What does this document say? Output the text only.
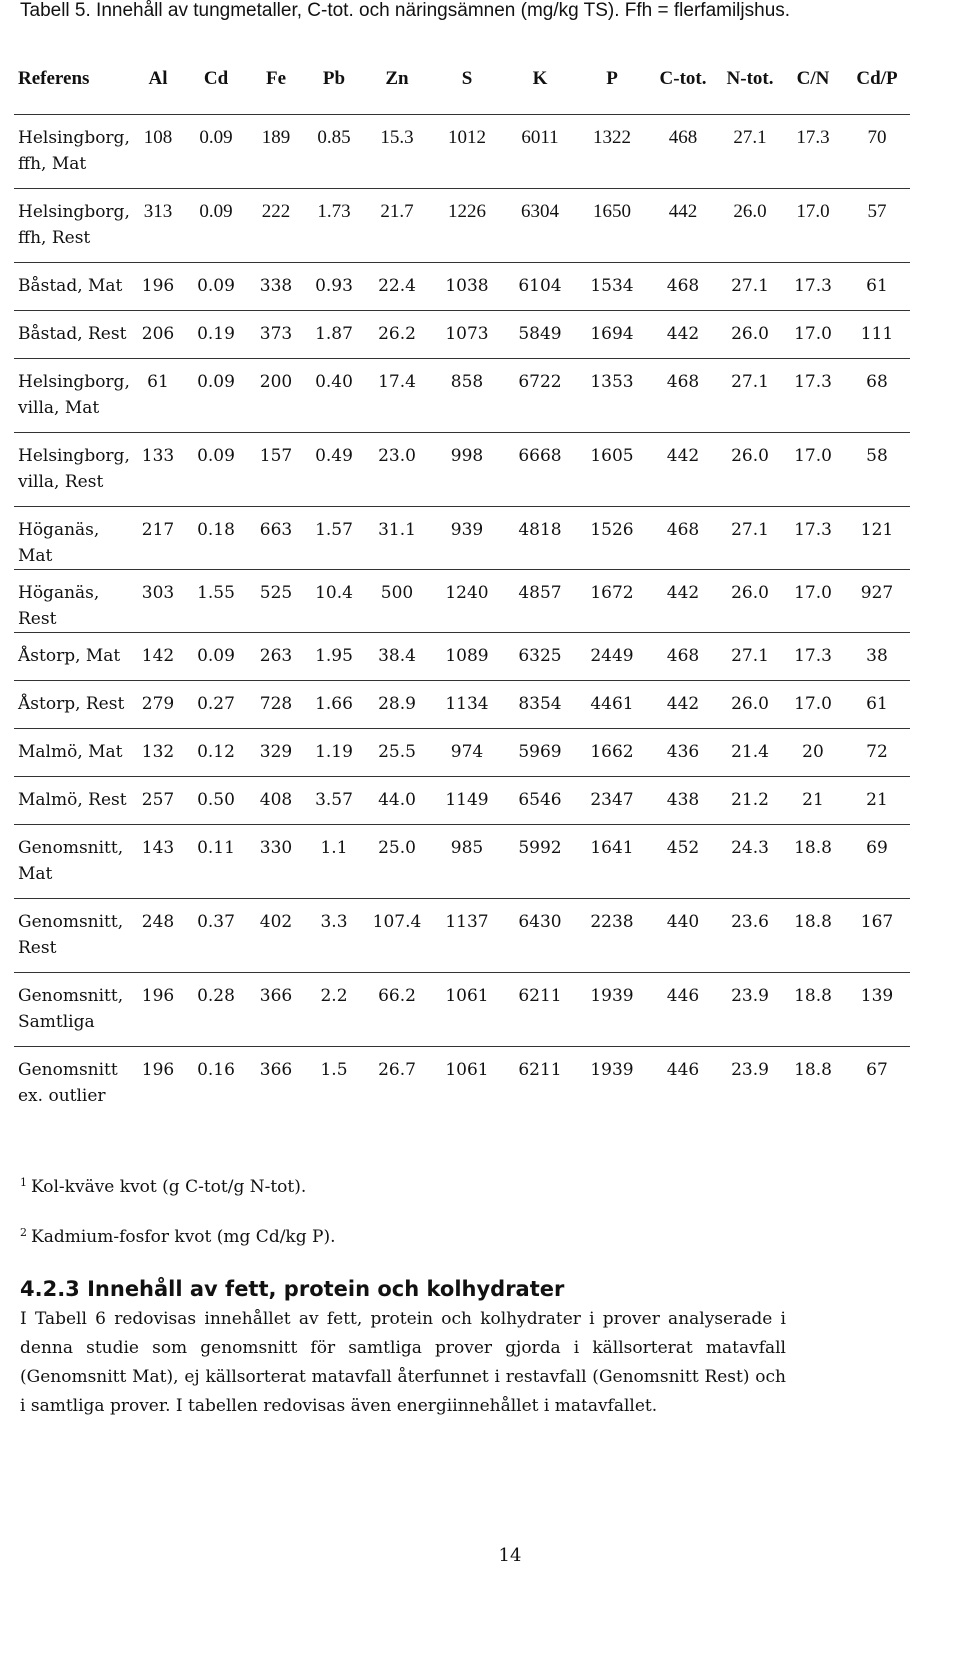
Tabell 5. Innehåll av tungmetaller, C-tot. och näringsämnen (mg/kg TS). Ffh = flerfamiljshus.
Referens	Al	Cd	Fe	Pb	Zn	S	K	P	C-tot.	N-tot.	C/N	Cd/P
Helsingborg, ffh, Mat	108	0.09	189	0.85	15.3	1012	6011	1322	468	27.1	17.3	70
Helsingborg, ffh, Rest	313	0.09	222	1.73	21.7	1226	6304	1650	442	26.0	17.0	57
Båstad, Mat	196	0.09	338	0.93	22.4	1038	6104	1534	468	27.1	17.3	61
Båstad, Rest	206	0.19	373	1.87	26.2	1073	5849	1694	442	26.0	17.0	111
Helsingborg, villa, Mat	61	0.09	200	0.40	17.4	858	6722	1353	468	27.1	17.3	68
Helsingborg, villa, Rest	133	0.09	157	0.49	23.0	998	6668	1605	442	26.0	17.0	58
Höganäs, Mat	217	0.18	663	1.57	31.1	939	4818	1526	468	27.1	17.3	121
Höganäs, Rest	303	1.55	525	10.4	500	1240	4857	1672	442	26.0	17.0	927
Åstorp, Mat	142	0.09	263	1.95	38.4	1089	6325	2449	468	27.1	17.3	38
Åstorp, Rest	279	0.27	728	1.66	28.9	1134	8354	4461	442	26.0	17.0	61
Malmö, Mat	132	0.12	329	1.19	25.5	974	5969	1662	436	21.4	20	72
Malmö, Rest	257	0.50	408	3.57	44.0	1149	6546	2347	438	21.2	21	21
Genomsnitt, Mat	143	0.11	330	1.1	25.0	985	5992	1641	452	24.3	18.8	69
Genomsnitt, Rest	248	0.37	402	3.3	107.4	1137	6430	2238	440	23.6	18.8	167
Genomsnitt, Samtliga	196	0.28	366	2.2	66.2	1061	6211	1939	446	23.9	18.8	139
Genomsnitt ex. outlier	196	0.16	366	1.5	26.7	1061	6211	1939	446	23.9	18.8	67

$^1$ Kol-kväve kvot (g C-tot/g N-tot).

$^2$ Kadmium-fosfor kvot (mg Cd/kg P).

4.2.3 Innehåll av fett, protein och kolhydrater

I Tabell 6 redovisas innehållet av fett, protein och kolhydrater i prover analyserade i denna studie som genomsnitt för samtliga prover gjorda i källsorterat matavfall (Genomsnitt Mat), ej källsorterat matavfall återfunnet i restavfall (Genomsnitt Rest) och i samtliga prover. I tabellen redovisas även energiinnehållet i matavfallet.

14
